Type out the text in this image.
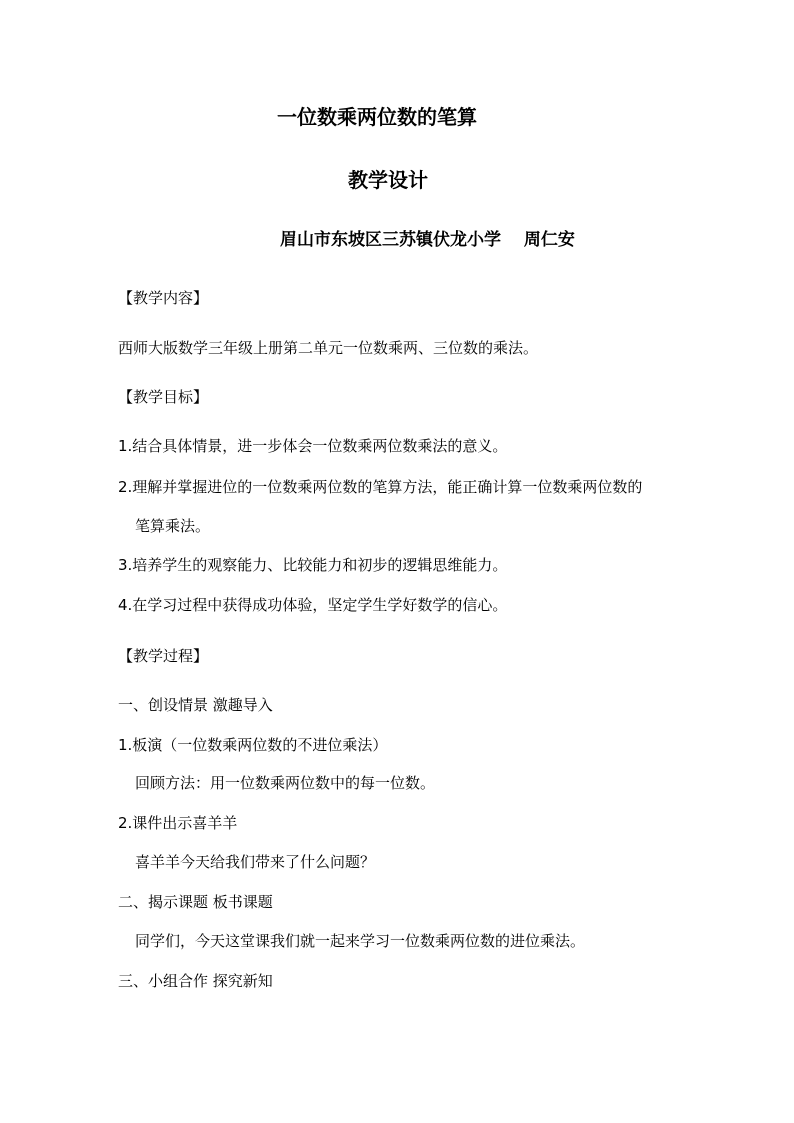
一位数乘两位数的笔算
教学设计
眉山市东坡区三苏镇伏龙小学　 周仁安
【教学内容】
西师大版数学三年级上册第二单元一位数乘两、三位数的乘法。
【教学目标】
1.结合具体情景，进一步体会一位数乘两位数乘法的意义。
2.理解并掌握进位的一位数乘两位数的笔算方法，能正确计算一位数乘两位数的
笔算乘法。
3.培养学生的观察能力、比较能力和初步的逻辑思维能力。
4.在学习过程中获得成功体验，坚定学生学好数学的信心。
【教学过程】
一、创设情景 激趣导入
1.板演（一位数乘两位数的不进位乘法）
回顾方法：用一位数乘两位数中的每一位数。
2.课件出示喜羊羊
喜羊羊今天给我们带来了什么问题？
二、揭示课题 板书课题
同学们，今天这堂课我们就一起来学习一位数乘两位数的进位乘法。
三、小组合作 探究新知
